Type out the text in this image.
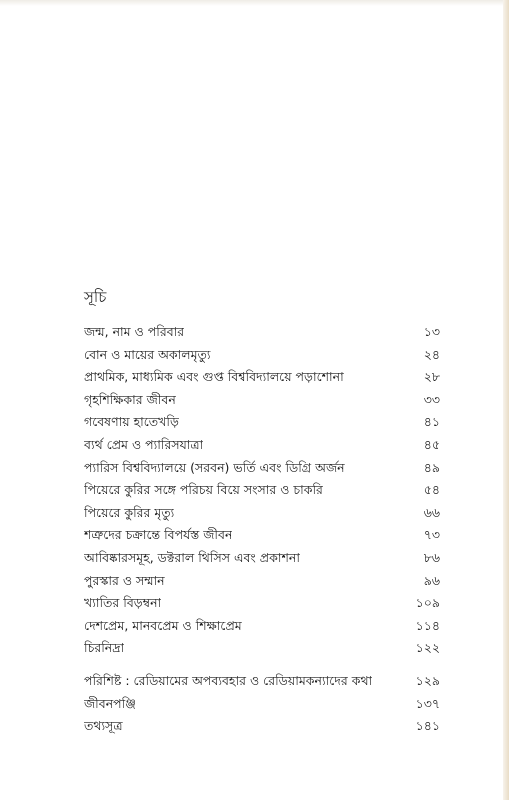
সূচি
জন্ম, নাম ও পরিবার	১৩
বোন ও মায়ের অকালমৃত্যু	২৪
প্রাথমিক, মাধ্যমিক এবং গুপ্ত বিশ্ববিদ্যালয়ে পড়াশোনা	২৮
গৃহশিক্ষিকার জীবন	৩৩
গবেষণায় হাতেখড়ি	৪১
ব্যর্থ প্রেম ও প্যারিসযাত্রা	৪৫
প্যারিস বিশ্ববিদ্যালয়ে (সরবন) ভর্তি এবং ডিগ্রি অর্জন	৪৯
পিয়েরে কুরির সঙ্গে পরিচয় বিয়ে সংসার ও চাকরি	৫৪
পিয়েরে কুরির মৃত্যু	৬৬
শত্রুদের চক্রান্তে বিপর্যস্ত জীবন	৭৩
আবিষ্কারসমূহ, ডক্টরাল থিসিস এবং প্রকাশনা	৮৬
পুরস্কার ও সম্মান	৯৬
খ্যাতির বিড়ম্বনা	১০৯
দেশপ্রেম, মানবপ্রেম ও শিক্ষাপ্রেম	১১৪
চিরনিদ্রা	১২২
পরিশিষ্ট : রেডিয়ামের অপব্যবহার ও রেডিয়ামকন্যাদের কথা	১২৯
জীবনপঞ্জি	১৩৭
তথ্যসূত্র	১৪১
